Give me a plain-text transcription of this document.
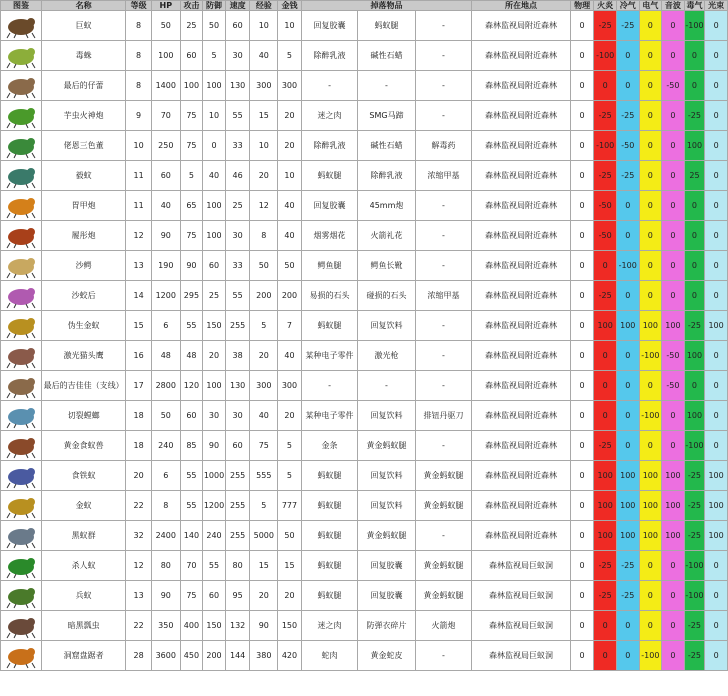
图鉴	名称	等级	HP	攻击	防御	速度	经验	金钱	掉落物品			所在地点	物理	火炎	冷气	电气	音波	毒气	光束

	巨蚁	8	50	25	50	60	10	10	回复胶囊	蚂蚁腿	-	森林监视局附近森林	0	-25	-25	0	0	-100	0

	毒蛛	8	100	60	5	30	40	5	除醉乳液	碱性石蜡	-	森林监视局附近森林	0	-100	0	0	0	0	0

	最后的仔蕾	8	1400	100	100	130	300	300	-	-	-	森林监视局附近森林	0	0	0	0	-50	0	0

	芋虫火神炮	9	70	75	10	55	15	20	迷之肉	SMG马蹄	-	森林监视局附近森林	0	-25	-25	0	0	-25	0

	佬恩三色董	10	250	75	0	33	10	20	除醉乳液	碱性石蜡	解毒药	森林监视局附近森林	0	-100	-50	0	0	100	0

	毅蚊	11	60	5	40	46	20	10	蚂蚁腿	除醉乳液	浓缩甲基	森林监视局附近森林	0	-25	-25	0	0	25	0

	胃甲炮	11	40	65	100	25	12	40	回复胶囊	45mm炮	-	森林监视局附近森林	0	-50	0	0	0	0	0

	履彤炮	12	90	75	100	30	8	40	烟雾烟花	火箭礼花	-	森林监视局附近森林	0	-50	0	0	0	0	0

	沙鳄	13	190	90	60	33	50	50	鳄鱼腿	鳄鱼长靴	-	森林监视局附近森林	0	0	-100	0	0	0	0

	沙蛟后	14	1200	295	25	55	200	200	易损的石头	碰损的石头	浓缩甲基	森林监视局附近森林	0	-25	0	0	0	0	0

	伪生金蚁	15	6	55	150	255	5	7	蚂蚁腿	回复饮料	-	森林监视局附近森林	0	100	100	100	100	-25	100

	激光猫头鹰	16	48	48	20	38	20	40	某种电子零件	激光枪	-	森林监视局附近森林	0	0	0	-100	-50	100	0

	最后的吉佳佳（支线）	17	2800	120	100	130	300	300	-	-	-	森林监视局附近森林	0	0	0	0	-50	0	0

	切裂螳螂	18	50	60	30	30	40	20	某种电子零件	回复饮料	排钮丹驱刀	森林监视局附近森林	0	0	0	-100	0	100	0

	黄金食蚁兽	18	240	85	90	60	75	5	金条	黄金蚂蚁腿	-	森林监视局附近森林	0	-25	0	0	0	-100	0

	食铁蚁	20	6	55	1000	255	555	5	蚂蚁腿	回复饮料	黄金蚂蚁腿	森林监视局附近森林	0	100	100	100	100	-25	100

	金蚁	22	8	55	1200	255	5	777	蚂蚁腿	回复饮料	黄金蚂蚁腿	森林监视局附近森林	0	100	100	100	100	-25	100

	黑蚁群	32	2400	140	240	255	5000	50	蚂蚁腿	黄金蚂蚁腿	-	森林监视局附近森林	0	100	100	100	100	-25	100

	杀人蚁	12	80	70	55	80	15	15	蚂蚁腿	回复胶囊	黄金蚂蚁腿	森林监视局巨蚁洞	0	-25	-25	0	0	-100	0

	兵蚁	13	90	75	60	95	20	20	蚂蚁腿	回复胶囊	黄金蚂蚁腿	森林监视局巨蚁洞	0	-25	-25	0	0	-100	0

	暗黑瓢虫	22	350	400	150	132	90	150	迷之肉	防弹衣碎片	火箭炮	森林监视局巨蚁洞	0	0	0	0	0	-25	0

	洞窟盘踞者	28	3600	450	200	144	380	420	蛇肉	黄金蛇皮	-	森林监视局巨蚁洞	0	0	0	-100	0	-25	0
